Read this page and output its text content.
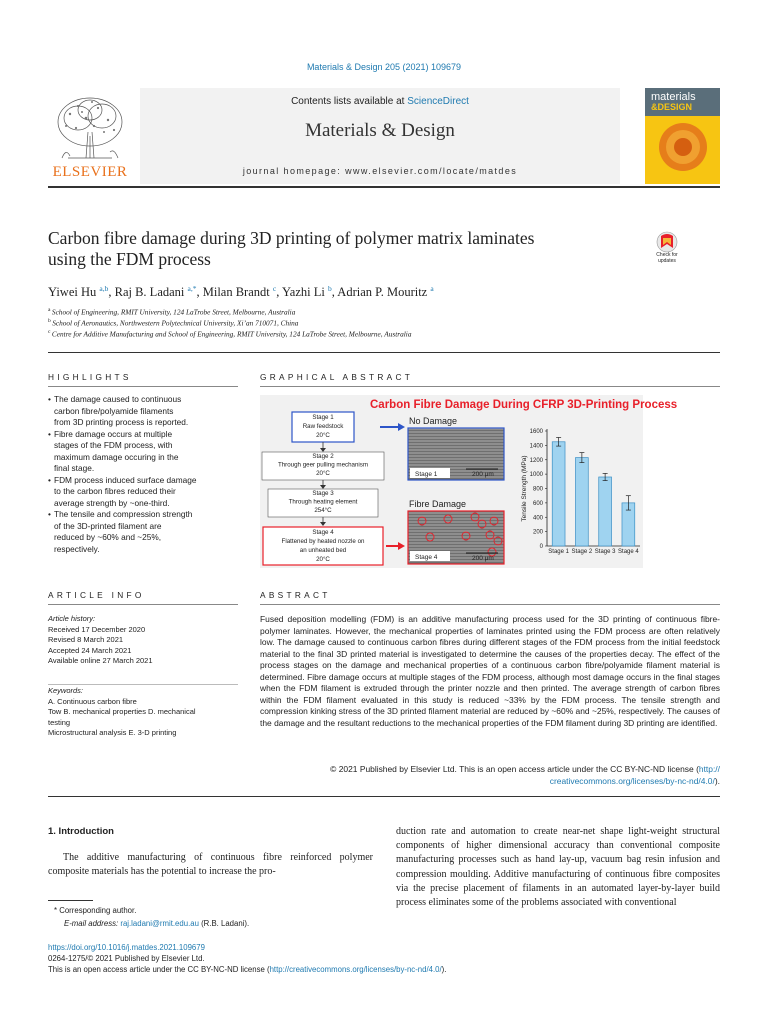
Materials & Design 205 (2021) 109679
ELSEVIER
Contents lists available at ScienceDirect
Materials & Design
journal homepage: www.elsevier.com/locate/matdes
materials
&DESIGN
Carbon fibre damage during 3D printing of polymer matrix laminates
using the FDM process	Check for
updates
Yiwei Hu $^{a,b}$, Raj B. Ladani $^{a,*}$, Milan Brandt $^c$, Yazhi Li $^b$, Adrian P. Mouritz $^a$
$^a$ School of Engineering, RMIT University, 124 LaTrobe Street, Melbourne, Australia
$^b$ School of Aeronautics, Northwestern Polytechnical University, Xi’an 710071, China
$^c$ Centre for Additive Manufacturing and School of Engineering, RMIT University, 124 LaTrobe Street, Melbourne, Australia
HIGHLIGHTS
• The damage caused to continuous
carbon fibre/polyamide filaments
from 3D printing process is reported.
• Fibre damage occurs at multiple
stages of the FDM process, with
maximum damage occuring in the
final stage.
• FDM process induced surface damage
to the carbon fibres reduced their
average strength by ~one-third.
• The tensile and compression strength
of the 3D-printed filament are
reduced by ~60% and ~25%,
respectively.
GRAPHICAL ABSTRACT
Carbon Fibre Damage During CFRP 3D-Printing Process
Stage 1
Raw feedstock
20°C
Stage 2
Through geer pulling mechanism
20°C
Stage 3
Through heating element
254°C
Stage 4
Flattened by heated nozzle on
an unheated bed
20°C
No Damage
Stage 1	200 μm
Fibre Damage
Stage 4	200 μm
0
200
400
600
800
1000
1200
1400
1600
Tensile Strength (MPa)
Stage 1 Stage 2 Stage 3 Stage 4
ARTICLE INFO
Article history:
Received 17 December 2020
Revised 8 March 2021
Accepted 24 March 2021
Available online 27 March 2021
Keywords:
A. Continuous carbon fibre
Tow B. mechanical properties D. mechanical
testing
Microstructural analysis E. 3-D printing
ABSTRACT
Fused deposition modelling (FDM) is an additive manufacturing process used for the 3D printing of continuous fibre-polymer laminates. However, the mechanical properties of laminates printed using the FDM process are often relatively low. The damage caused to continuous carbon fibres during different stages of the FDM process from the initial feedstock material to the final 3D printed material is investigated to determine the causes of the properties decay. The effect of the process stages on the damage and mechanical properties of a continuous carbon fibre/polyamide filament material is determined. Fibre damage occurs at multiple stages of the FDM process, although most damage occurs in the final stages when the FDM filament is extruded through the printer nozzle and then printed. The average strength of carbon fibres within the FDM filament evaluated in this study is reduced ~33% by the FDM process. The tensile strength and compression kinking stress of the 3D printed filament material are reduced by ~60% and ~25%, respectively. The causes of the damage and the resultant reductions to the mechanical properties of the FDM filament during 3D printing are identified.
© 2021 Published by Elsevier Ltd. This is an open access article under the CC BY-NC-ND license (http://
creativecommons.org/licenses/by-nc-nd/4.0/).
1. Introduction
The additive manufacturing of continuous fibre reinforced polymer composite materials has the potential to increase the pro-
duction rate and automation to create near-net shape light-weight structural components of higher dimensional accuracy than conventional composite manufacturing processes such as hand lay-up, vacuum bag resin infusion and compression moulding. Additive manufacturing of continuous fibre composites via the precise placement of filaments in an automated layer-by-layer build process eliminates some of the problems associated with conventional
* Corresponding author.
E-mail address: raj.ladani@rmit.edu.au (R.B. Ladani).
https://doi.org/10.1016/j.matdes.2021.109679
0264-1275/© 2021 Published by Elsevier Ltd.
This is an open access article under the CC BY-NC-ND license (http://creativecommons.org/licenses/by-nc-nd/4.0/).
